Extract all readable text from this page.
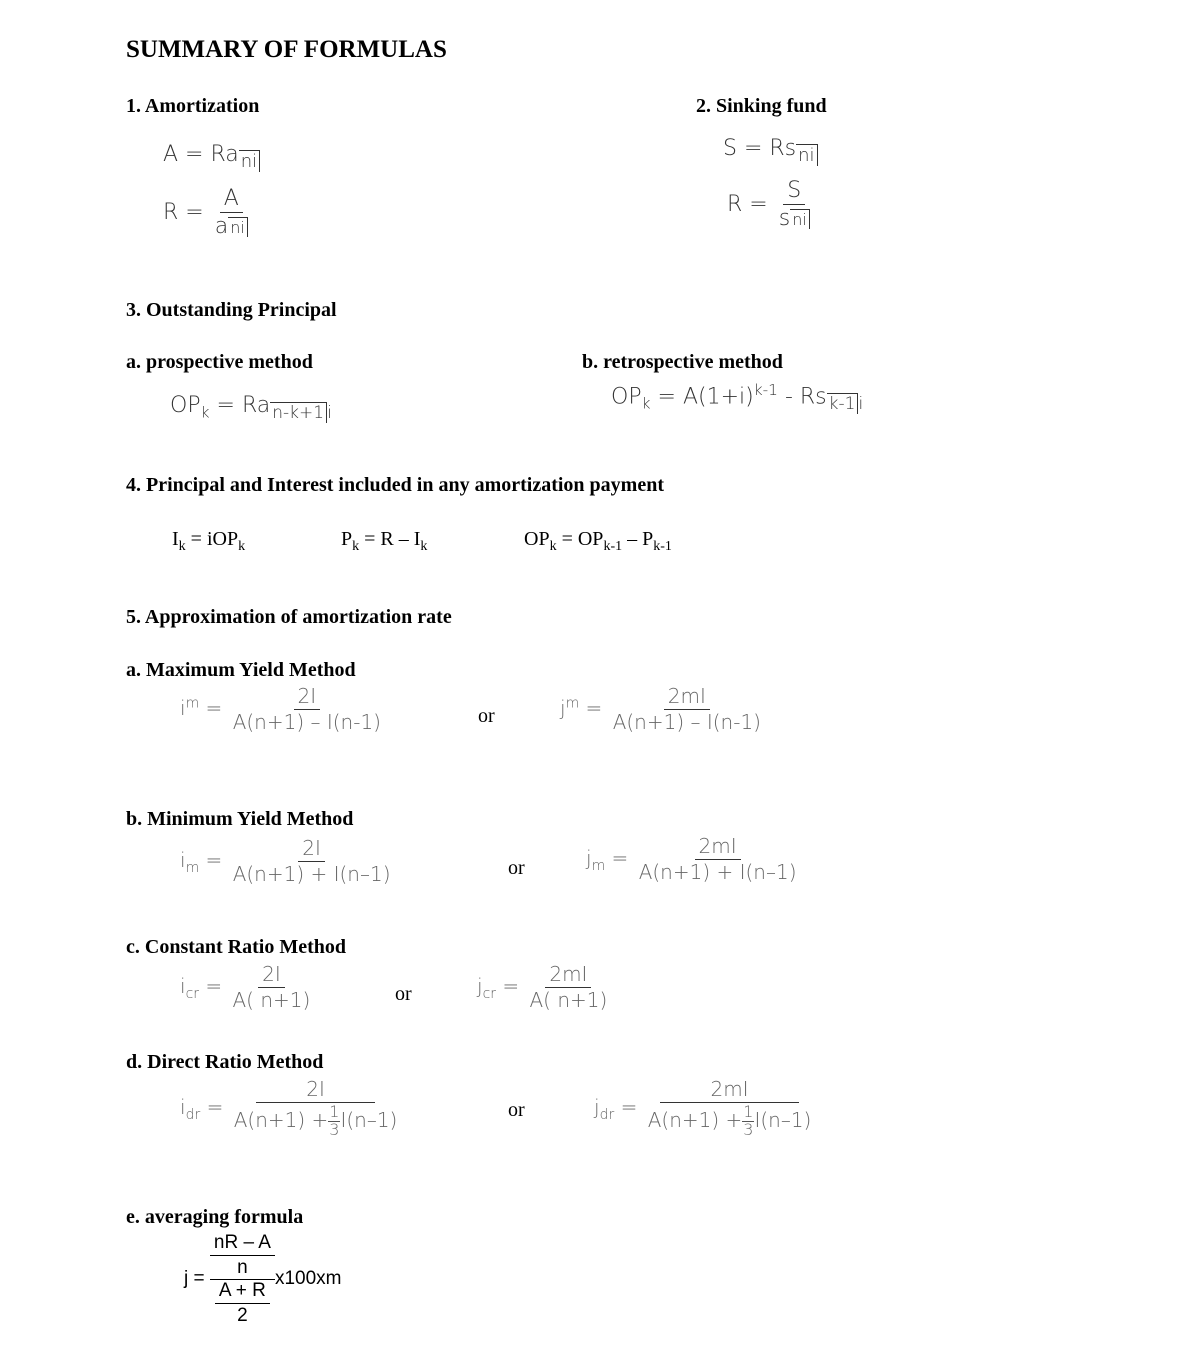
SUMMARY OF FORMULAS
1. Amortization
A = Ra $_{ni}$
$R = \frac{A}{\text{a ni}}$
2. Sinking fund
S = Rs $_{ni}$
$R = \frac{S}{\text{s ni}}$
3. Outstanding Principal
a. prospective method
$OP_k = Ra$ $_{n-k+1}$ $_i$
b. retrospective method
$OP_k = A(1+i)^{k-1} - Rs$ $_{k-1}$ $_i$
4. Principal and Interest included in any amortization payment
$I_k = iOP_k$	$P_k = R - I_k$	$OP_k = OP_{k-1} - P_{k-1}$
5. Approximation of amortization rate
a. Maximum Yield Method
$i^m = \frac{2I}{A(n+1) - I(n-1)}$	or	$j^m = \frac{2mI}{A(n+1) - I(n-1)}$
b. Minimum Yield Method
$i_m = \frac{2I}{A(n+1) + I(n-1)}$	or	$j_m = \frac{2mI}{A(n+1) + I(n-1)}$
c. Constant Ratio Method
$i_{cr} = \frac{2I}{A( n+1)}$	or	$j_{cr} = \frac{2mI}{A( n+1)}$
d. Direct Ratio Method
$i_{dr} = \frac{2I}{A(n+1) + \frac{1}{3} I(n-1)}$	or	$j_{dr} = \frac{2mI}{A(n+1) + \frac{1}{3} I(n-1)}$
e. averaging formula
$j = \frac{\frac{nR - A}{n}}{\frac{A + R}{2}} x100xm$
